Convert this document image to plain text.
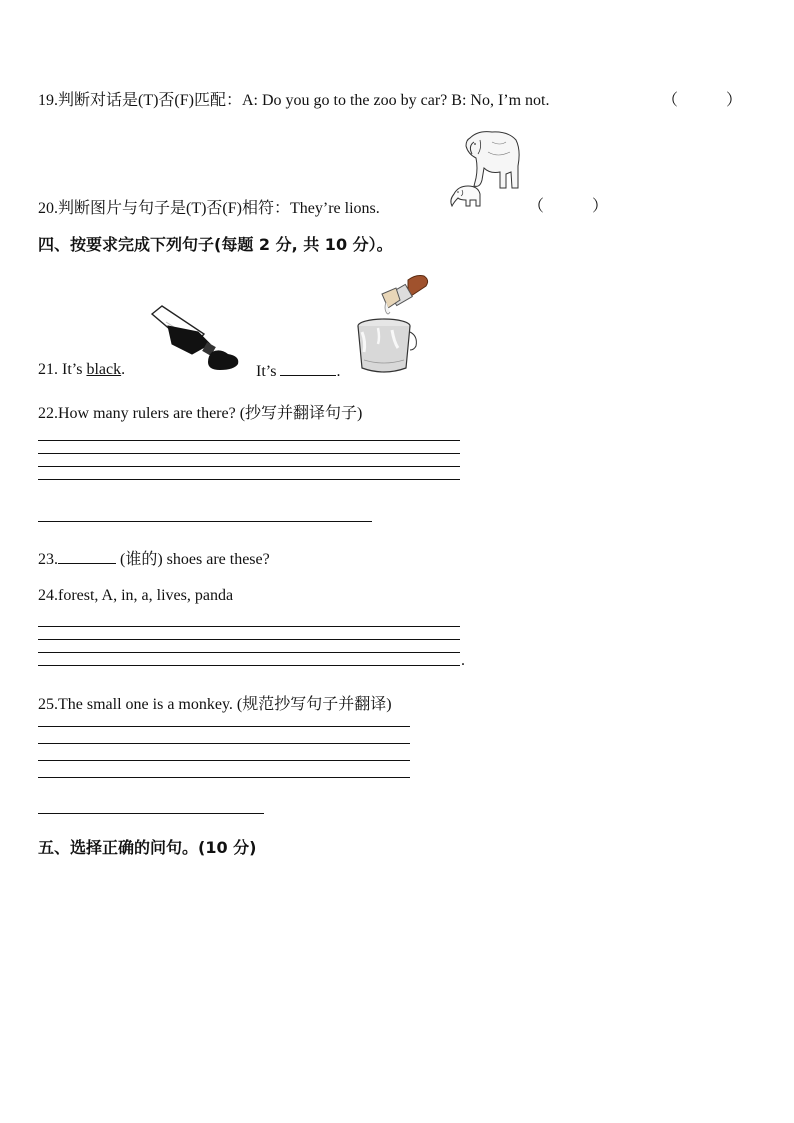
19.判断对话是(T)否(F)匹配：A: Do you go to the zoo by car? B: No, I’m not.	（	）
20.判断图片与句子是(T)否(F)相符：They’re lions.	（	）
四、按要求完成下列句子(每题 2 分, 共 10 分）。
21. It’s black.	It’s	.
22.How many rulers are there? (抄写并翻译句子)
23.	(谁的) shoes are these?
24.forest, A, in, a, lives, panda
.
25.The small one is a monkey. (规范抄写句子并翻译)
五、选择正确的问句。(10 分)
